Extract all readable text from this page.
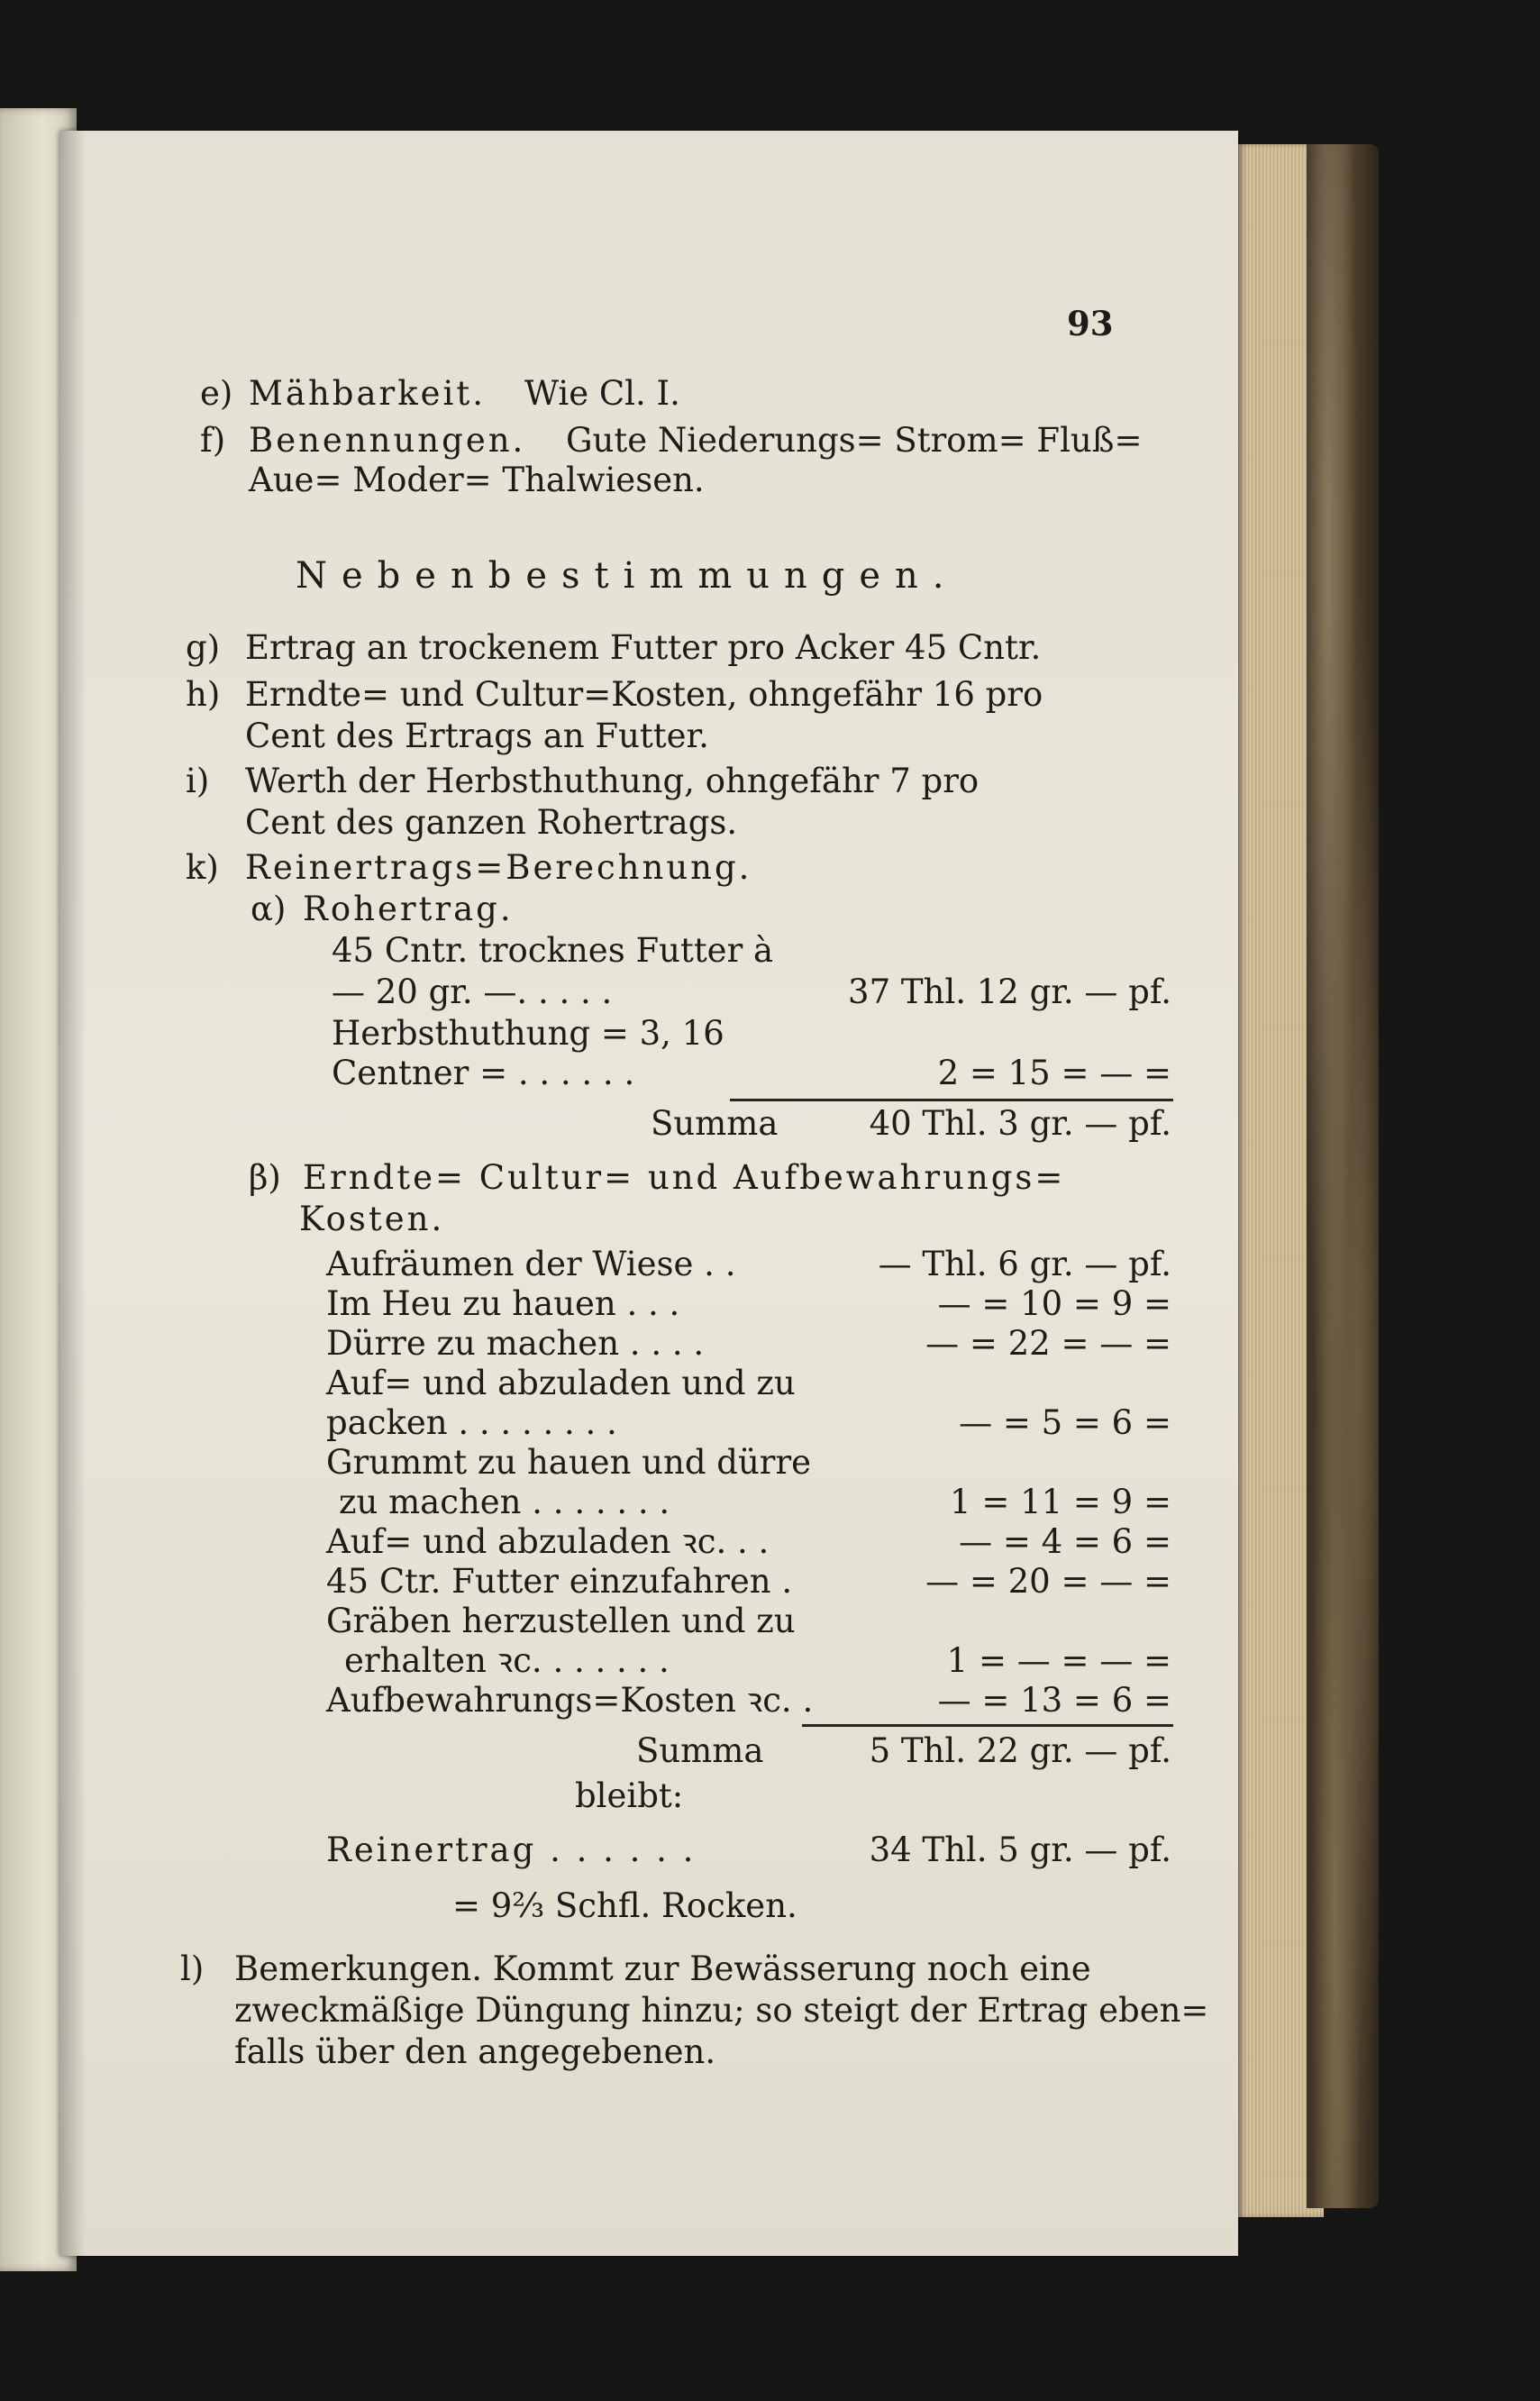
93
e) Mähbarkeit. Wie Cl. I.
f) Benennungen. Gute Niederungs= Strom= Fluß=
Aue= Moder= Thalwiesen.
Nebenbestimmungen.
g) Ertrag an trockenem Futter pro Acker 45 Cntr.
h) Erndte= und Cultur=Kosten, ohngefähr 16 pro
Cent des Ertrags an Futter.
i) Werth der Herbsthuthung, ohngefähr 7 pro
Cent des ganzen Rohertrags.
k) Reinertrags=Berechnung.
α) Rohertrag.
45 Cntr. trocknes Futter à
— 20 gr. —. . . . .	37 Thl. 12 gr. — pf.
Herbsthuthung = 3, 16
Centner = . . . . . .	2 = 15 = — =
Summa	40 Thl. 3 gr. — pf.
β) Erndte= Cultur= und Aufbewahrungs=
Kosten.
Aufräumen der Wiese . .	— Thl. 6 gr. — pf.
Im Heu zu hauen . . .	— = 10 = 9 =
Dürre zu machen . . . .	— = 22 = — =
Auf= und abzuladen und zu
packen . . . . . . . .	— = 5 = 6 =
Grummt zu hauen und dürre
zu machen . . . . . . .	1 = 11 = 9 =
Auf= und abzuladen ꝛc. . .	— = 4 = 6 =
45 Ctr. Futter einzufahren .	— = 20 = — =
Gräben herzustellen und zu
erhalten ꝛc. . . . . . .	1 = — = — =
Aufbewahrungs=Kosten ꝛc. .	— = 13 = 6 =
Summa	5 Thl. 22 gr. — pf.
bleibt:
Reinertrag . . . . . .	34 Thl. 5 gr. — pf.
= 9⅔ Schfl. Rocken.
l) Bemerkungen. Kommt zur Bewässerung noch eine
zweckmäßige Düngung hinzu; so steigt der Ertrag eben=
falls über den angegebenen.
